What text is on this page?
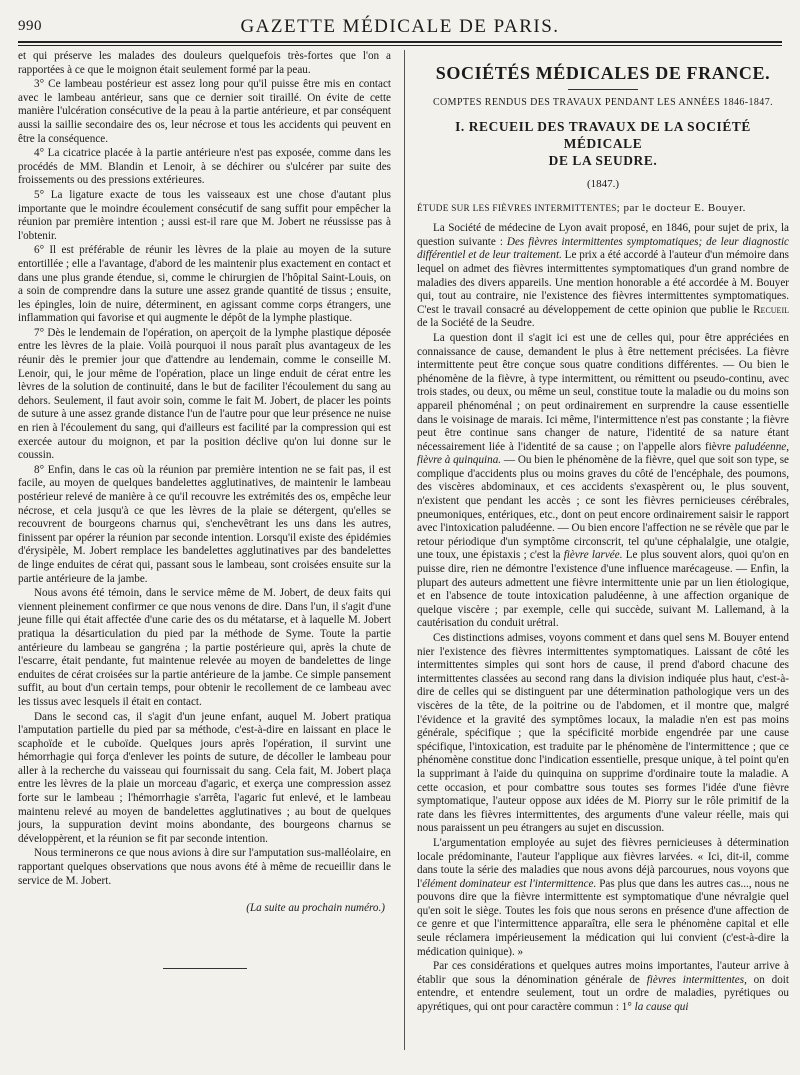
990	GAZETTE MÉDICALE DE PARIS.

et qui préserve les malades des douleurs quelquefois très-fortes que l'on a rapportées à ce que le moignon était seulement formé par la peau.

3° Ce lambeau postérieur est assez long pour qu'il puisse être mis en contact avec le lambeau antérieur, sans que ce dernier soit tiraillé. On évite de cette manière l'ulcération consécutive de la peau à la partie antérieure, et par conséquent aussi la saillie secondaire des os, leur nécrose et tous les accidents qui peuvent en être la conséquence.

4° La cicatrice placée à la partie antérieure n'est pas exposée, comme dans les procédés de MM. Blandin et Lenoir, à se déchirer ou s'ulcérer par suite des froissements ou des pressions extérieures.

5° La ligature exacte de tous les vaisseaux est une chose d'autant plus importante que le moindre écoulement consécutif de sang suffit pour empêcher la réunion par première intention ; aussi est-il rare que M. Jobert ne réussisse pas à l'obtenir.

6° Il est préférable de réunir les lèvres de la plaie au moyen de la suture entortillée ; elle a l'avantage, d'abord de les maintenir plus exactement en contact et dans une plus grande étendue, si, comme le chirurgien de l'hôpital Saint-Louis, on a soin de comprendre dans la suture une assez grande quantité de tissus ; ensuite, les épingles, loin de nuire, déterminent, en agissant comme corps étrangers, une inflammation qui favorise et qui augmente le dépôt de la lymphe plastique.

7° Dès le lendemain de l'opération, on aperçoit de la lymphe plastique déposée entre les lèvres de la plaie. Voilà pourquoi il nous paraît plus avantageux de les réunir dès le premier jour que d'attendre au lendemain, comme le conseille M. Lenoir, qui, le jour même de l'opération, place un linge enduit de cérat entre les lèvres de la solution de continuité, dans le but de faciliter l'écoulement du sang au dehors. Seulement, il faut avoir soin, comme le fait M. Jobert, de placer les points de suture à une assez grande distance l'un de l'autre pour que leur présence ne nuise en rien à l'écoulement du sang, qui d'ailleurs est facilité par la compression qui est exercée autour du moignon, et par la position déclive qu'on lui donne sur le coussin.

8° Enfin, dans le cas où la réunion par première intention ne se fait pas, il est facile, au moyen de quelques bandelettes agglutinatives, de maintenir le lambeau postérieur relevé de manière à ce qu'il recouvre les extrémités des os, empêche leur nécrose, et cela jusqu'à ce que les lèvres de la plaie se détergent, qu'elles se recouvrent de bourgeons charnus qui, s'enchevêtrant les uns dans les autres, finissent par opérer la réunion par seconde intention. Lorsqu'il existe des épidémies d'érysipèle, M. Jobert remplace les bandelettes agglutinatives par des bandelettes de linge enduites de cérat qui, passant sous le lambeau, sont croisées ensuite sur la partie antérieure de la jambe.

Nous avons été témoin, dans le service même de M. Jobert, de deux faits qui viennent pleinement confirmer ce que nous venons de dire. Dans l'un, il s'agit d'une jeune fille qui était affectée d'une carie des os du métatarse, et à laquelle M. Jobert pratiqua la désarticulation du pied par la méthode de Syme. Toute la partie antérieure du lambeau se gangréna ; la partie postérieure qui, après la chute de l'escarre, était pendante, fut maintenue relevée au moyen de bandelettes de linge enduites de cérat croisées sur la partie antérieure de la jambe. Ce simple pansement suffit, au bout d'un certain temps, pour obtenir le recollement de ce lambeau avec les tissus avec lesquels il était en contact.

Dans le second cas, il s'agit d'un jeune enfant, auquel M. Jobert pratiqua l'amputation partielle du pied par sa méthode, c'est-à-dire en laissant en place le scaphoïde et le cuboïde. Quelques jours après l'opération, il survint une hémorrhagie qui força d'enlever les points de suture, de décoller le lambeau pour aller à la recherche du vaisseau qui fournissait du sang. Cela fait, M. Jobert plaça entre les lèvres de la plaie un morceau d'agaric, et exerça une compression assez forte sur le lambeau ; l'hémorrhagie s'arrêta, l'agaric fut enlevé, et le lambeau maintenu relevé au moyen de bandelettes agglutinatives ; au bout de quelques jours, la suppuration devint moins abondante, des bourgeons charnus se développèrent, et la réunion se fit par seconde intention.

Nous terminerons ce que nous avions à dire sur l'amputation sus-malléolaire, en rapportant quelques observations que nous avons été à même de recueillir dans le service de M. Jobert.

(La suite au prochain numéro.)
SOCIÉTÉS MÉDICALES DE FRANCE.
COMPTES RENDUS DES TRAVAUX PENDANT LES ANNÉES 1846-1847.
I. RECUEIL DES TRAVAUX DE LA SOCIÉTÉ MÉDICALE
DE LA SEUDRE.
(1847.)
ÉTUDE SUR LES FIÈVRES INTERMITTENTES; par le docteur E. Bouyer.

La Société de médecine de Lyon avait proposé, en 1846, pour sujet de prix, la question suivante : Des fièvres intermittentes symptomatiques; de leur diagnostic différentiel et de leur traitement. Le prix a été accordé à l'auteur d'un mémoire dans lequel on admet des fièvres intermittentes symptomatiques d'un grand nombre de maladies des divers appareils. Une mention honorable a été accordée à M. Bouyer qui, tout au contraire, nie l'existence des fièvres intermittentes symptomatiques. C'est le travail consacré au développement de cette opinion que publie le Recueil de la Société de la Seudre.

La question dont il s'agit ici est une de celles qui, pour être appréciées en connaissance de cause, demandent le plus à être nettement précisées. La fièvre intermittente peut être conçue sous quatre conditions différentes. — Ou bien le phénomène de la fièvre, à type intermittent, ou rémittent ou pseudo-continu, avec trois stades, ou deux, ou même un seul, constitue toute la maladie ou du moins son appareil phénoménal ; on peut ordinairement en surprendre la cause essentielle dans le voisinage de marais. Ici même, l'intermittence n'est pas constante ; la fièvre peut être continue sans changer de nature, l'identité de sa nature étant nécessairement liée à l'identité de sa cause ; on l'appelle alors fièvre paludéenne, fièvre à quinquina. — Ou bien le phénomène de la fièvre, quel que soit son type, se complique d'accidents plus ou moins graves du côté de l'encéphale, des poumons, des viscères abdominaux, et ces accidents s'exaspèrent ou, le plus souvent, n'existent que pendant les accès ; ce sont les fièvres pernicieuses cérébrales, pneumoniques, entériques, etc., dont on peut encore ordinairement saisir le rapport avec l'intoxication paludéenne. — Ou bien encore l'affection ne se révèle que par le retour périodique d'un symptôme circonscrit, tel qu'une céphalalgie, une otalgie, une toux, une épistaxis ; c'est la fièvre larvée. Le plus souvent alors, quoi qu'on en puisse dire, rien ne démontre l'existence d'une influence marécageuse. — Enfin, la plupart des auteurs admettent une fièvre intermittente unie par un lien étiologique, et en l'absence de toute intoxication paludéenne, à une affection organique de quelque viscère ; par exemple, celle qui succède, suivant M. Lallemand, à la cautérisation du conduit urétral.

Ces distinctions admises, voyons comment et dans quel sens M. Bouyer entend nier l'existence des fièvres intermittentes symptomatiques. Laissant de côté les intermittentes simples qui sont hors de cause, il prend d'abord chacune des intermittentes classées au second rang dans la division indiquée plus haut, c'est-à-dire de celles qui se distinguent par une détermination pathologique vers un des viscères de la tête, de la poitrine ou de l'abdomen, et il montre que, malgré l'évidence et la gravité des symptômes locaux, la maladie n'en est pas moins générale, spécifique ; que la spécificité morbide engendrée par une cause spécifique, l'intoxication, est traduite par le phénomène de l'intermittence ; que ce phénomène constitue donc l'indication essentielle, presque unique, à tel point qu'en la supprimant à l'aide du quinquina on supprime d'ordinaire toute la maladie. A cette occasion, et pour combattre sous toutes ses formes l'idée d'une fièvre symptomatique, l'auteur oppose aux idées de M. Piorry sur le rôle primitif de la rate dans les fièvres intermittentes, des arguments d'une valeur réelle, mais qui nous paraissent un peu étrangers au sujet en discussion.

L'argumentation employée au sujet des fièvres pernicieuses à détermination locale prédominante, l'auteur l'applique aux fièvres larvées. « Ici, dit-il, comme dans toute la série des maladies que nous avons déjà parcourues, nous voyons que l'élément dominateur est l'intermittence. Pas plus que dans les autres cas..., nous ne pouvons dire que la fièvre intermittente est symptomatique d'une névralgie quel qu'en soit le siège. Toutes les fois que nous serons en présence d'une affection de ce genre et que l'intermittence apparaîtra, elle sera le phénomène capital et elle seule réclamera impérieusement la médication qui lui convient (c'est-à-dire la médication quinique). »

Par ces considérations et quelques autres moins importantes, l'auteur arrive à établir que sous la dénomination générale de fièvres intermittentes, on doit entendre, et entendre seulement, tout un ordre de maladies, pyrétiques ou apyrétiques, qui ont pour caractère commun : 1° la cause qui
